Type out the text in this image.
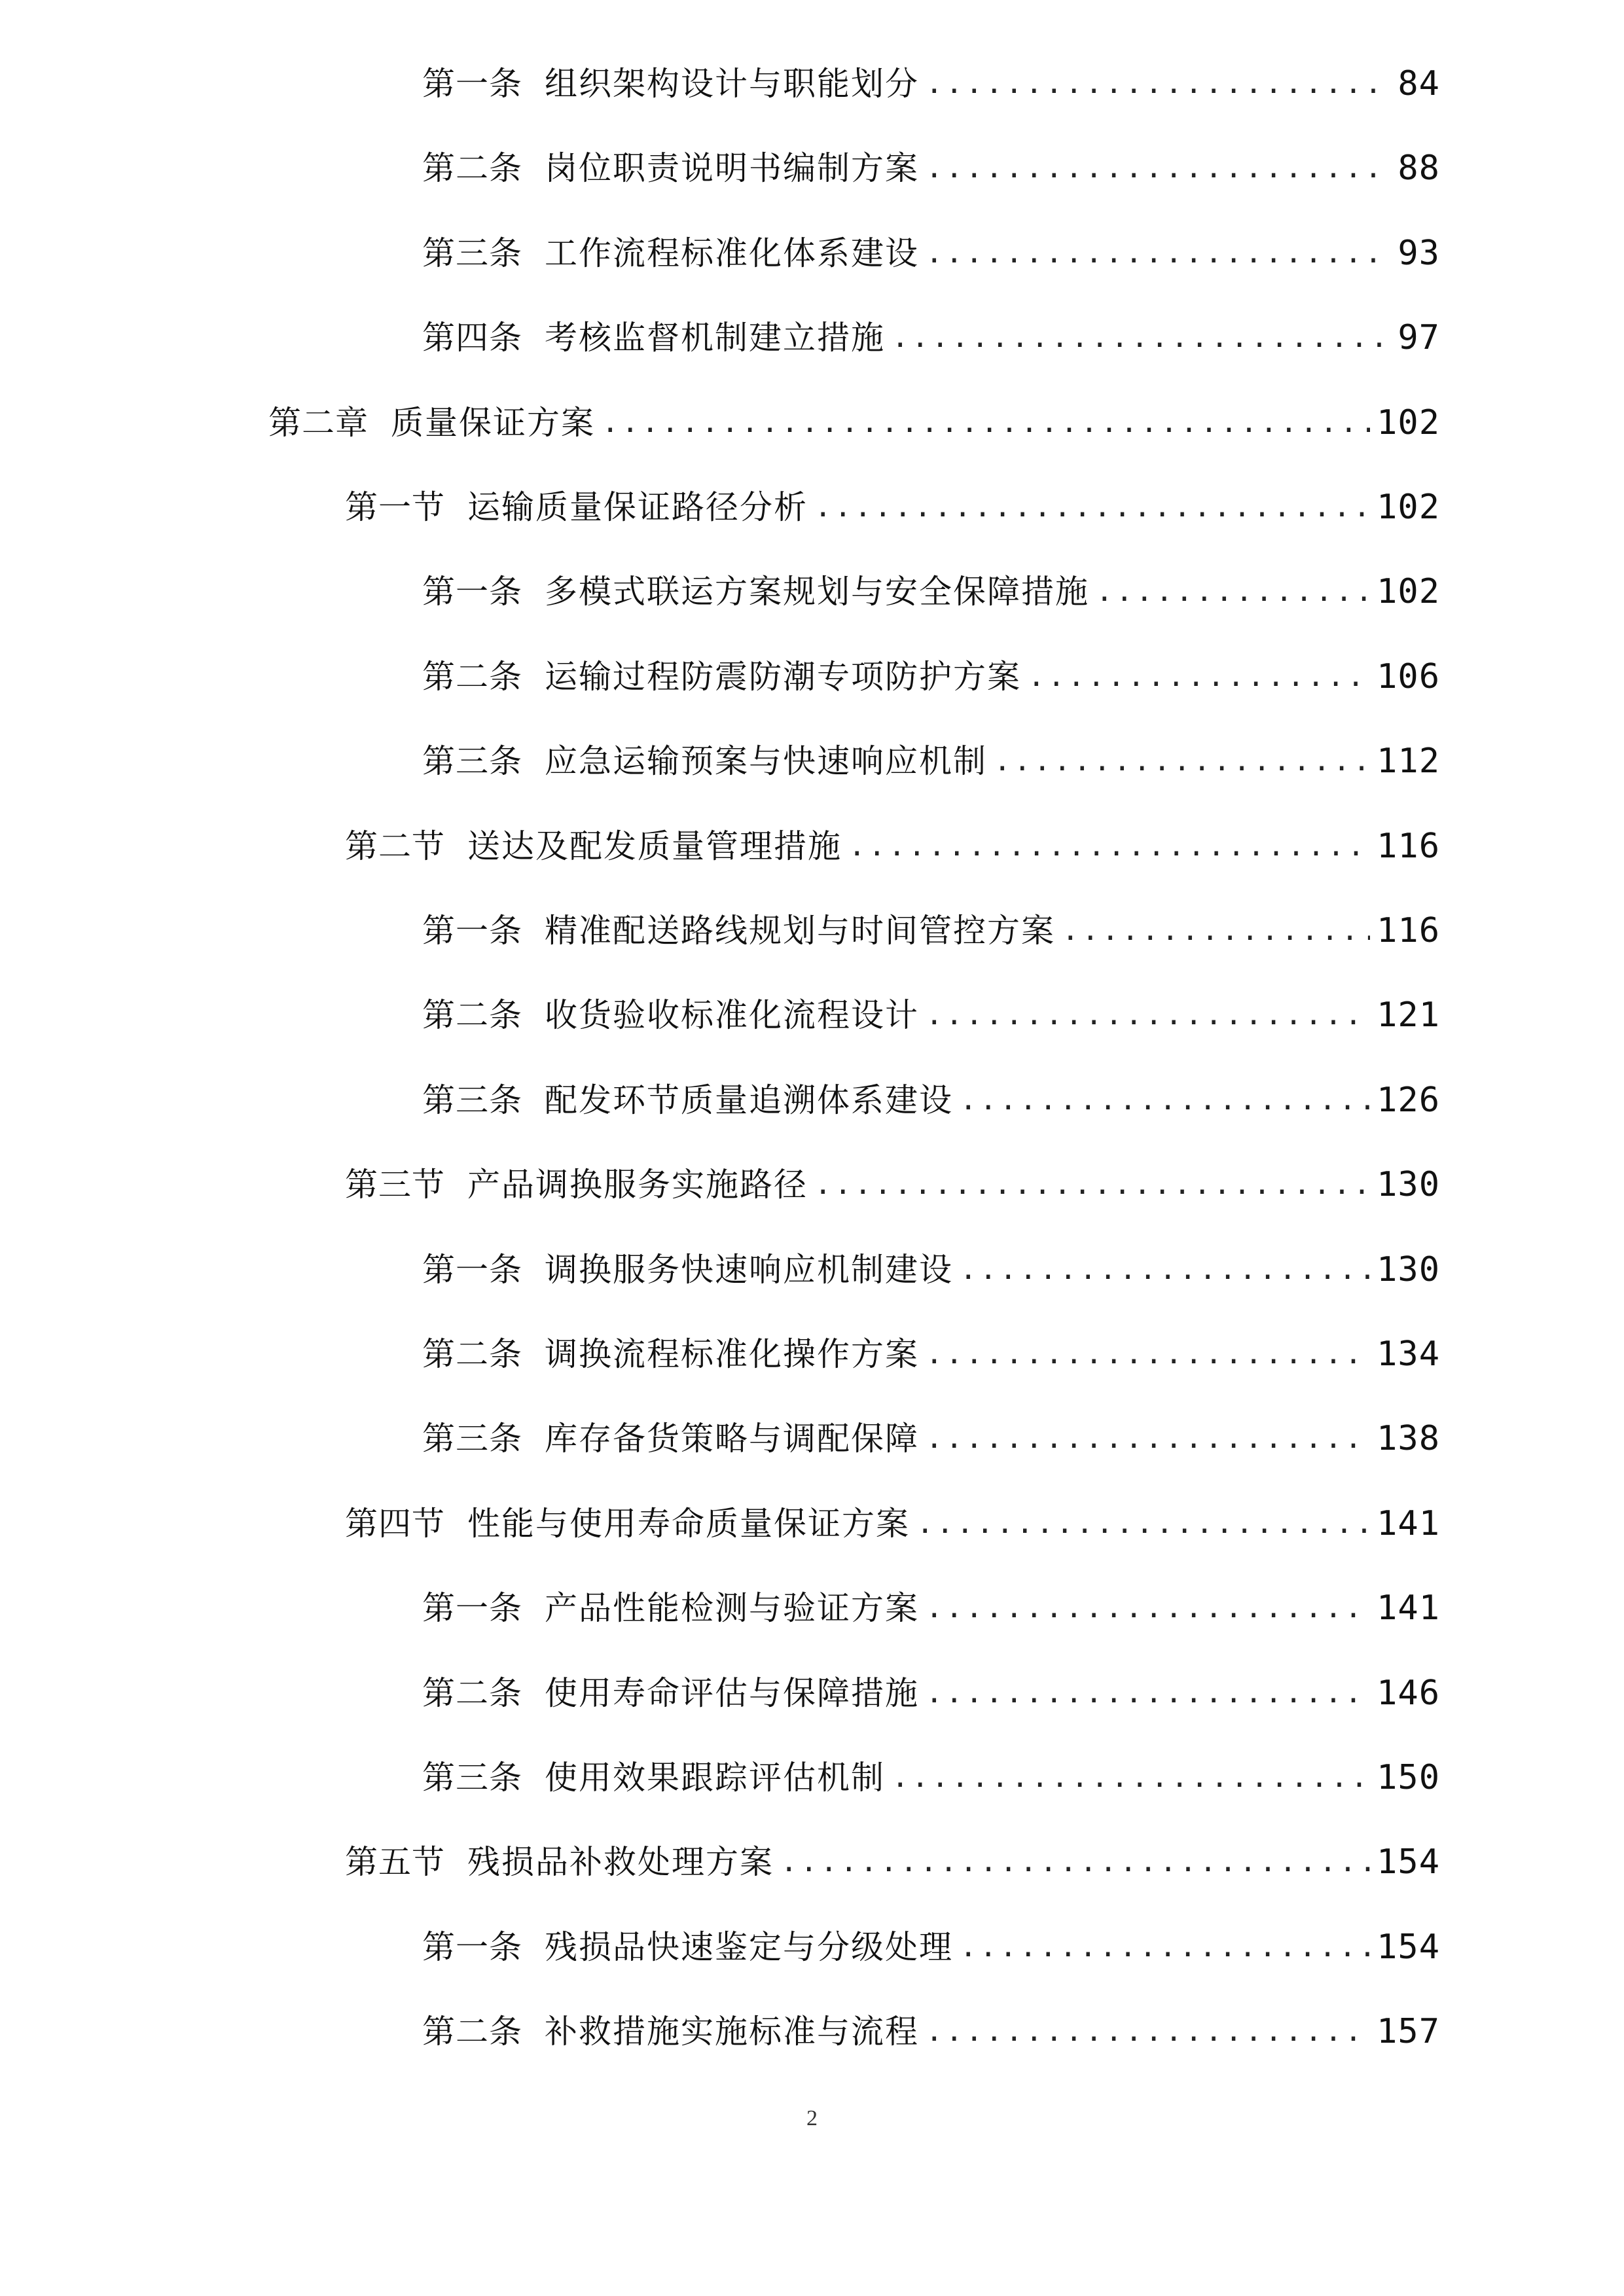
第一条 组织架构设计与职能划分 .....	84
第二条 岗位职责说明书编制方案 .....	88
第三条 工作流程标准化体系建设 .....	93
第四条 考核监督机制建立措施 .....	97
第二章 质量保证方案 .....	102
第一节 运输质量保证路径分析 .....	102
第一条 多模式联运方案规划与安全保障措施 .....	102
第二条 运输过程防震防潮专项防护方案 .....	106
第三条 应急运输预案与快速响应机制 .....	112
第二节 送达及配发质量管理措施 .....	116
第一条 精准配送路线规划与时间管控方案 .....	116
第二条 收货验收标准化流程设计 .....	121
第三条 配发环节质量追溯体系建设 .....	126
第三节 产品调换服务实施路径 .....	130
第一条 调换服务快速响应机制建设 .....	130
第二条 调换流程标准化操作方案 .....	134
第三条 库存备货策略与调配保障 .....	138
第四节 性能与使用寿命质量保证方案 .....	141
第一条 产品性能检测与验证方案 .....	141
第二条 使用寿命评估与保障措施 .....	146
第三条 使用效果跟踪评估机制 .....	150
第五节 残损品补救处理方案 .....	154
第一条 残损品快速鉴定与分级处理 .....	154
第二条 补救措施实施标准与流程 .....	157
2
